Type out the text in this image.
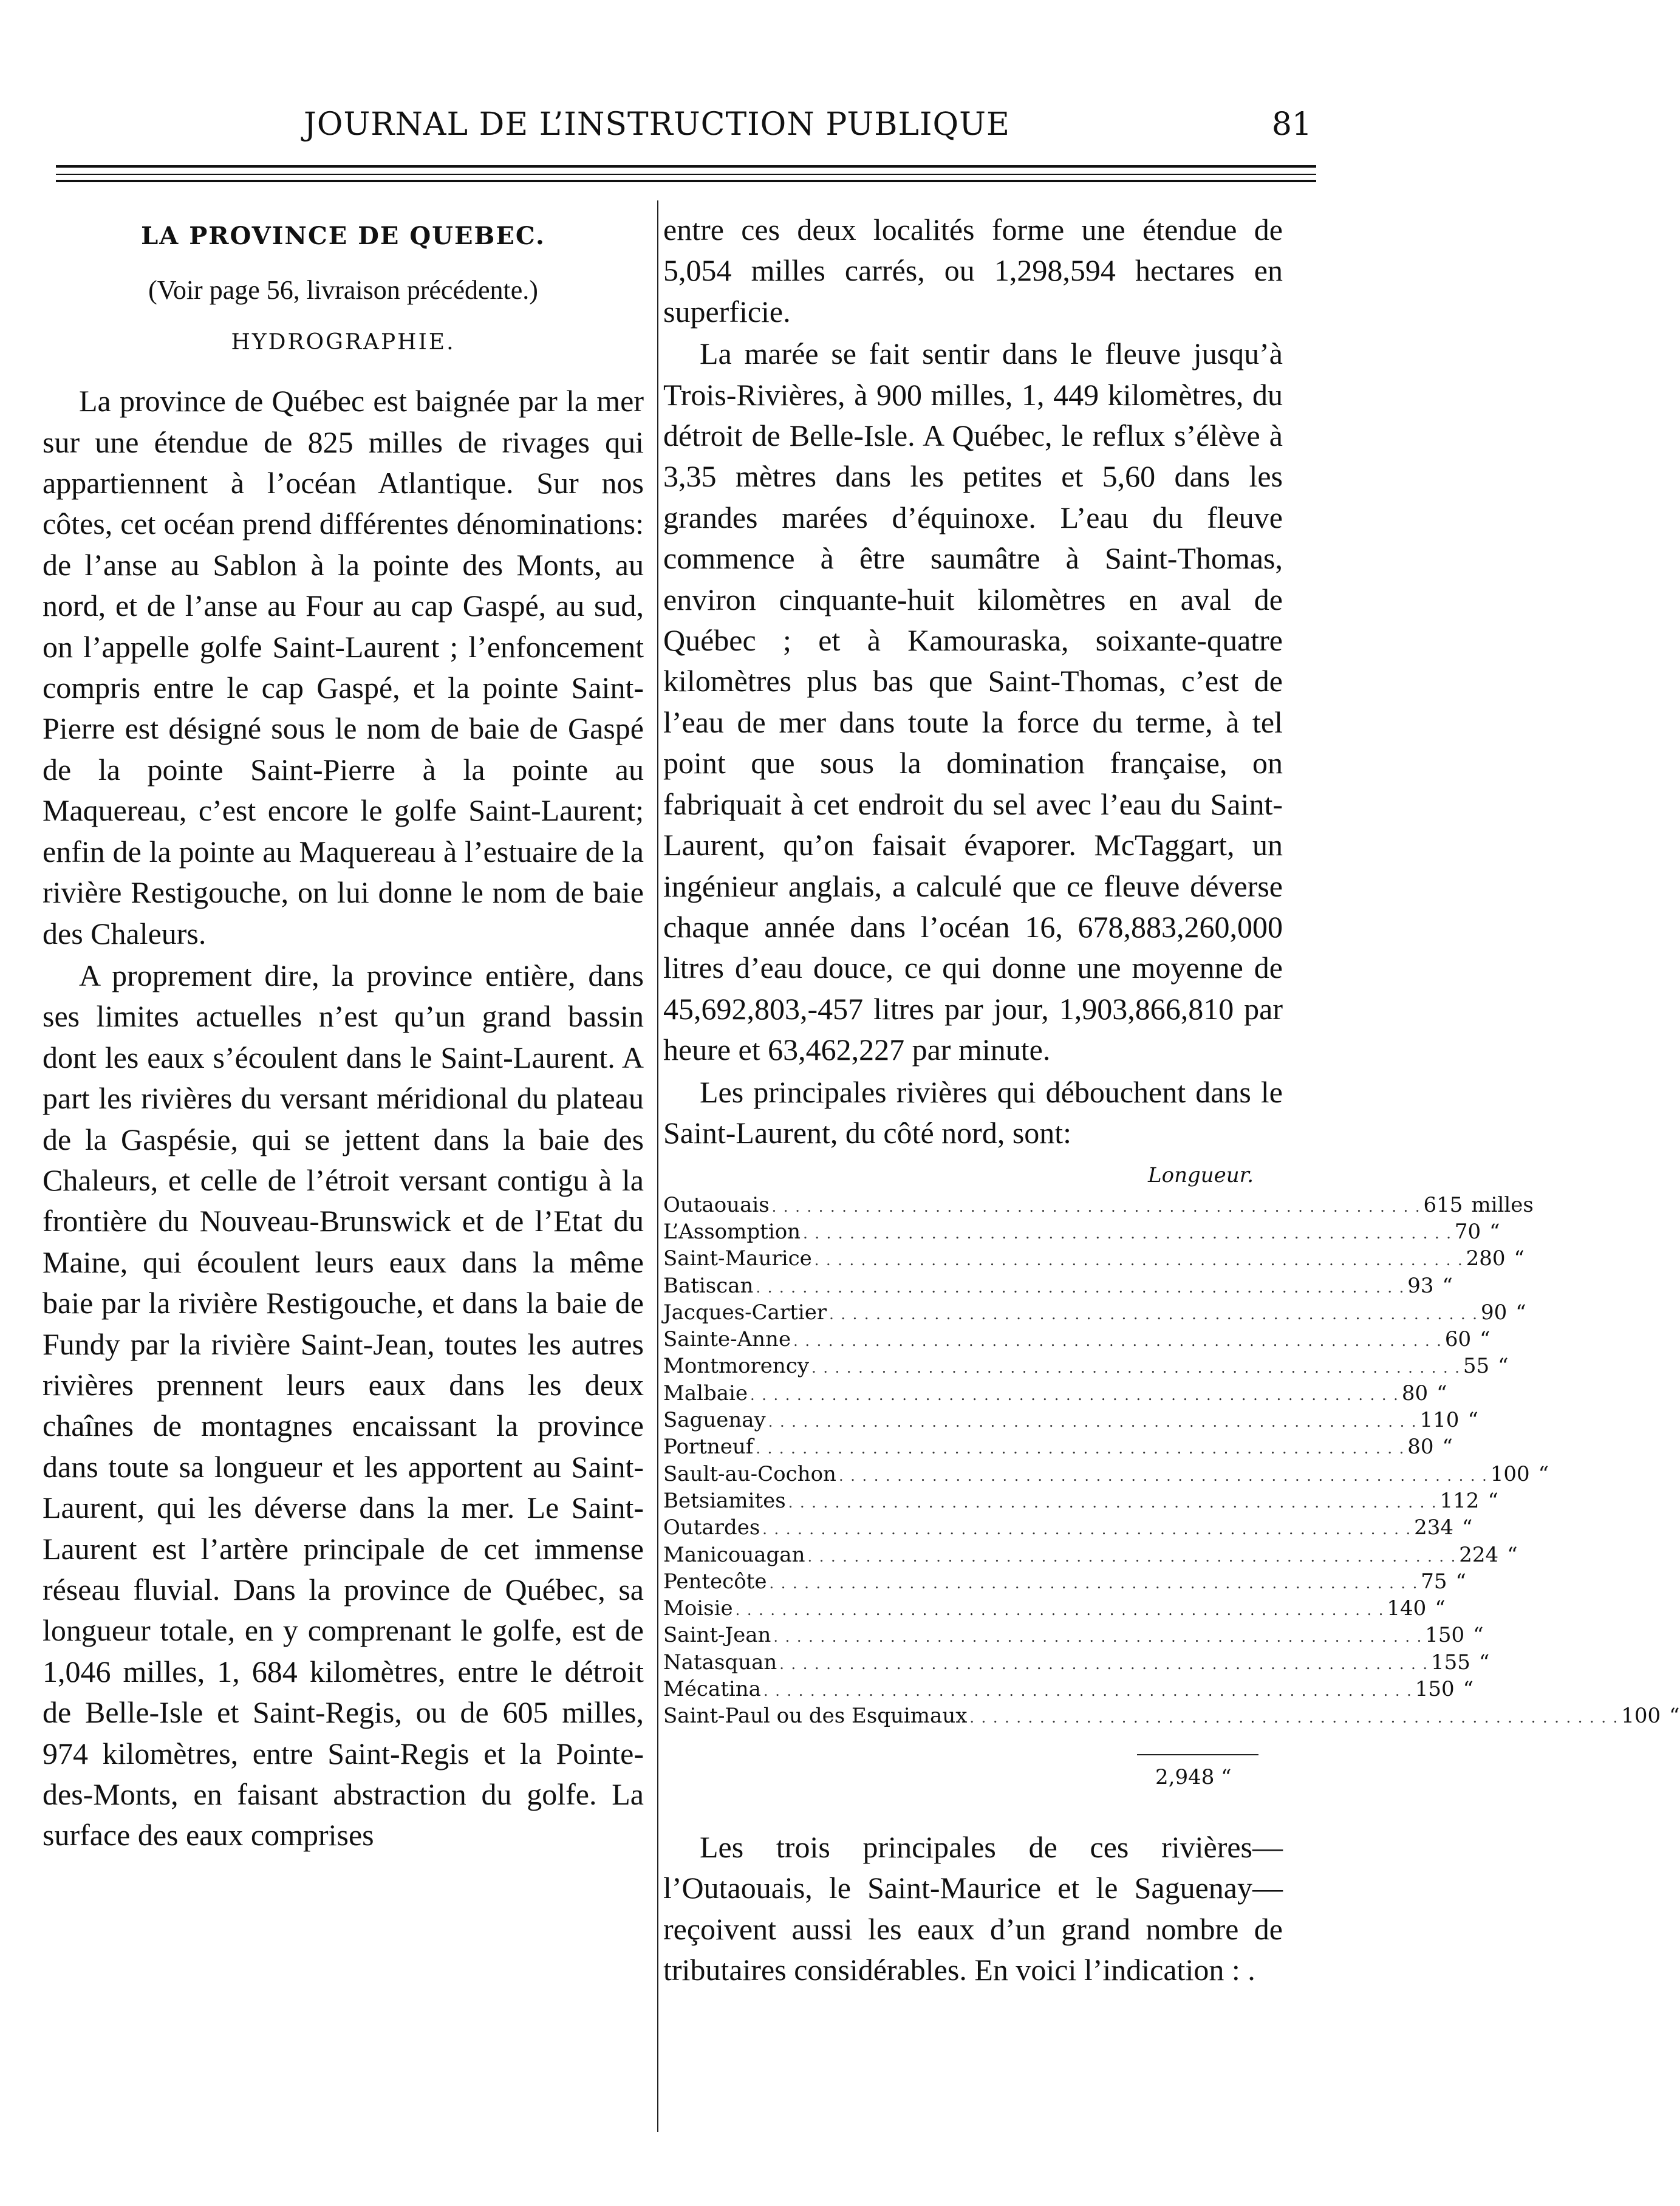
JOURNAL DE L’INSTRUCTION PUBLIQUE	81
LA PROVINCE DE QUEBEC.
(Voir page 56, livraison précédente.)
HYDROGRAPHIE.

La province de Québec est baignée par la mer sur une étendue de 825 milles de rivages qui appartiennent à l’océan Atlantique. Sur nos côtes, cet océan prend différentes dénominations: de l’anse au Sablon à la pointe des Monts, au nord, et de l’anse au Four au cap Gaspé, au sud, on l’appelle golfe Saint-Laurent ; l’enfoncement compris entre le cap Gaspé, et la pointe Saint-Pierre est désigné sous le nom de baie de Gaspé de la pointe Saint-Pierre à la pointe au Maquereau, c’est encore le golfe Saint-Laurent; enfin de la pointe au Maquereau à l’estuaire de la rivière Restigouche, on lui donne le nom de baie des Chaleurs.

A proprement dire, la province entière, dans ses limites actuelles n’est qu’un grand bassin dont les eaux s’écoulent dans le Saint-Laurent. A part les rivières du versant méridional du plateau de la Gaspésie, qui se jettent dans la baie des Chaleurs, et celle de l’étroit versant contigu à la frontière du Nouveau-Brunswick et de l’Etat du Maine, qui écoulent leurs eaux dans la même baie par la rivière Restigouche, et dans la baie de Fundy par la rivière Saint-Jean, toutes les autres rivières prennent leurs eaux dans les deux chaînes de montagnes encaissant la province dans toute sa longueur et les apportent au Saint-Laurent, qui les déverse dans la mer. Le Saint-Laurent est l’artère principale de cet immense réseau fluvial. Dans la province de Québec, sa longueur totale, en y comprenant le golfe, est de 1,046 milles, 1, 684 kilomètres, entre le détroit de Belle-Isle et Saint-Regis, ou de 605 milles, 974 kilomètres, entre Saint-Regis et la Pointe-des-Monts, en faisant abstraction du golfe. La surface des eaux comprises

entre ces deux localités forme une étendue de 5,054 milles carrés, ou 1,298,594 hectares en superficie.

La marée se fait sentir dans le fleuve jusqu’à Trois-Rivières, à 900 milles, 1, 449 kilomètres, du détroit de Belle-Isle. A Québec, le reflux s’élève à 3,35 mètres dans les petites et 5,60 dans les grandes marées d’équinoxe. L’eau du fleuve commence à être saumâtre à Saint-Thomas, environ cinquante-huit kilomètres en aval de Québec ; et à Kamouraska, soixante-quatre kilomètres plus bas que Saint-Thomas, c’est de l’eau de mer dans toute la force du terme, à tel point que sous la domination française, on fabriquait à cet endroit du sel avec l’eau du Saint-Laurent, qu’on faisait évaporer. McTaggart, un ingénieur anglais, a calculé que ce fleuve déverse chaque année dans l’océan 16, 678,883,260,000 litres d’eau douce, ce qui donne une moyenne de 45,692,803,-457 litres par jour, 1,903,866,810 par heure et 63,462,227 par minute.

Les principales rivières qui débouchent dans le Saint-Laurent, du côté nord, sont:

Longueur.
Outaouais . . . . . . . . . . . . . . . . . . . . . . . . . . . . . . . . . . . . . . . . . . . . . . . . . . . . . . . . 615 milles
L’Assomption . . . . . . . . . . . . . . . . . . . . . . . . . . . . . . . . . . . . . . . . . . . . . . . . . . . . . . . . 70 “
Saint-Maurice . . . . . . . . . . . . . . . . . . . . . . . . . . . . . . . . . . . . . . . . . . . . . . . . . . . . . . . . 280 “
Batiscan . . . . . . . . . . . . . . . . . . . . . . . . . . . . . . . . . . . . . . . . . . . . . . . . . . . . . . . . 93 “
Jacques-Cartier . . . . . . . . . . . . . . . . . . . . . . . . . . . . . . . . . . . . . . . . . . . . . . . . . . . . . . . . 90 “
Sainte-Anne . . . . . . . . . . . . . . . . . . . . . . . . . . . . . . . . . . . . . . . . . . . . . . . . . . . . . . . . 60 “
Montmorency . . . . . . . . . . . . . . . . . . . . . . . . . . . . . . . . . . . . . . . . . . . . . . . . . . . . . . . . 55 “
Malbaie . . . . . . . . . . . . . . . . . . . . . . . . . . . . . . . . . . . . . . . . . . . . . . . . . . . . . . . . 80 “
Saguenay . . . . . . . . . . . . . . . . . . . . . . . . . . . . . . . . . . . . . . . . . . . . . . . . . . . . . . . . 110 “
Portneuf . . . . . . . . . . . . . . . . . . . . . . . . . . . . . . . . . . . . . . . . . . . . . . . . . . . . . . . . 80 “
Sault-au-Cochon . . . . . . . . . . . . . . . . . . . . . . . . . . . . . . . . . . . . . . . . . . . . . . . . . . . . . . . . 100 “
Betsiamites . . . . . . . . . . . . . . . . . . . . . . . . . . . . . . . . . . . . . . . . . . . . . . . . . . . . . . . . 112 “
Outardes . . . . . . . . . . . . . . . . . . . . . . . . . . . . . . . . . . . . . . . . . . . . . . . . . . . . . . . . 234 “
Manicouagan . . . . . . . . . . . . . . . . . . . . . . . . . . . . . . . . . . . . . . . . . . . . . . . . . . . . . . . . 224 “
Pentecôte . . . . . . . . . . . . . . . . . . . . . . . . . . . . . . . . . . . . . . . . . . . . . . . . . . . . . . . . 75 “
Moisie . . . . . . . . . . . . . . . . . . . . . . . . . . . . . . . . . . . . . . . . . . . . . . . . . . . . . . . . 140 “
Saint-Jean . . . . . . . . . . . . . . . . . . . . . . . . . . . . . . . . . . . . . . . . . . . . . . . . . . . . . . . . 150 “
Natasquan . . . . . . . . . . . . . . . . . . . . . . . . . . . . . . . . . . . . . . . . . . . . . . . . . . . . . . . . 155 “
Mécatina . . . . . . . . . . . . . . . . . . . . . . . . . . . . . . . . . . . . . . . . . . . . . . . . . . . . . . . . 150 “
Saint-Paul ou des Esquimaux . . . . . . . . . . . . . . . . . . . . . . . . . . . . . . . . . . . . . . . . . . . . . . . . . . . . . . . . 100 “
2,948 “

Les trois principales de ces rivières—l’Outaouais, le Saint-Maurice et le Saguenay—reçoivent aussi les eaux d’un grand nombre de tributaires considérables. En voici l’indication : .
